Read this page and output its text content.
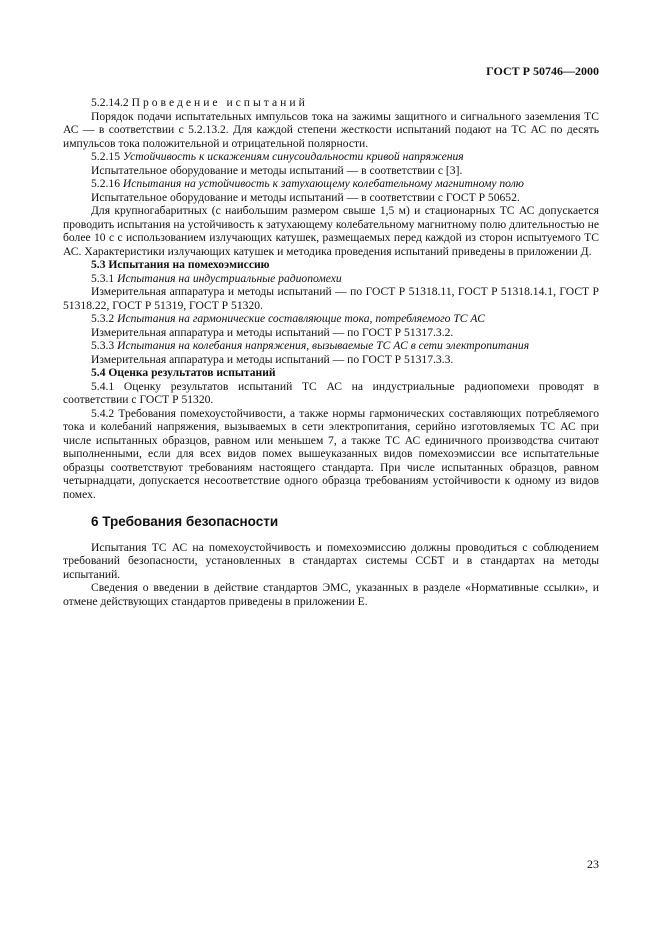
ГОСТ Р 50746—2000

5.2.14.2 Проведение испытаний

Порядок подачи испытательных импульсов тока на зажимы защитного и сигнального заземления ТС АС — в соответствии с 5.2.13.2. Для каждой степени жесткости испытаний подают на ТС АС по десять импульсов тока положительной и отрицательной полярности.

5.2.15 Устойчивость к искажениям синусоидальности кривой напряжения

Испытательное оборудование и методы испытаний — в соответствии с [3].

5.2.16 Испытания на устойчивость к затухающему колебательному магнитному полю

Испытательное оборудование и методы испытаний — в соответствии с ГОСТ Р 50652.

Для крупногабаритных (с наибольшим размером свыше 1,5 м) и стационарных ТС АС допускается проводить испытания на устойчивость к затухающему колебательному магнитному полю длительностью не более 10 с с использованием излучающих катушек, размещаемых перед каждой из сторон испытуемого ТС АС. Характеристики излучающих катушек и методика проведения испытаний приведены в приложении Д.

5.3 Испытания на помехоэмиссию

5.3.1 Испытания на индустриальные радиопомехи

Измерительная аппаратура и методы испытаний — по ГОСТ Р 51318.11, ГОСТ Р 51318.14.1, ГОСТ Р 51318.22, ГОСТ Р 51319, ГОСТ Р 51320.

5.3.2 Испытания на гармонические составляющие тока, потребляемого ТС АС

Измерительная аппаратура и методы испытаний — по ГОСТ Р 51317.3.2.

5.3.3 Испытания на колебания напряжения, вызываемые ТС АС в сети электропитания

Измерительная аппаратура и методы испытаний — по ГОСТ Р 51317.3.3.

5.4 Оценка результатов испытаний

5.4.1 Оценку результатов испытаний ТС АС на индустриальные радиопомехи проводят в соответствии с ГОСТ Р 51320.

5.4.2 Требования помехоустойчивости, а также нормы гармонических составляющих потребляемого тока и колебаний напряжения, вызываемых в сети электропитания, серийно изготовляемых ТС АС при числе испытанных образцов, равном или меньшем 7, а также ТС АС единичного производства считают выполненными, если для всех видов помех вышеуказанных видов помехоэмиссии все испытательные образцы соответствуют требованиям настоящего стандарта. При числе испытанных образцов, равном четырнадцати, допускается несоответствие одного образца требованиям устойчивости к одному из видов помех.

6 Требования безопасности

Испытания ТС АС на помехоустойчивость и помехоэмиссию должны проводиться с соблюдением требований безопасности, установленных в стандартах системы ССБТ и в стандартах на методы испытаний.

Сведения о введении в действие стандартов ЭМС, указанных в разделе «Нормативные ссылки», и отмене действующих стандартов приведены в приложении Е.

23
